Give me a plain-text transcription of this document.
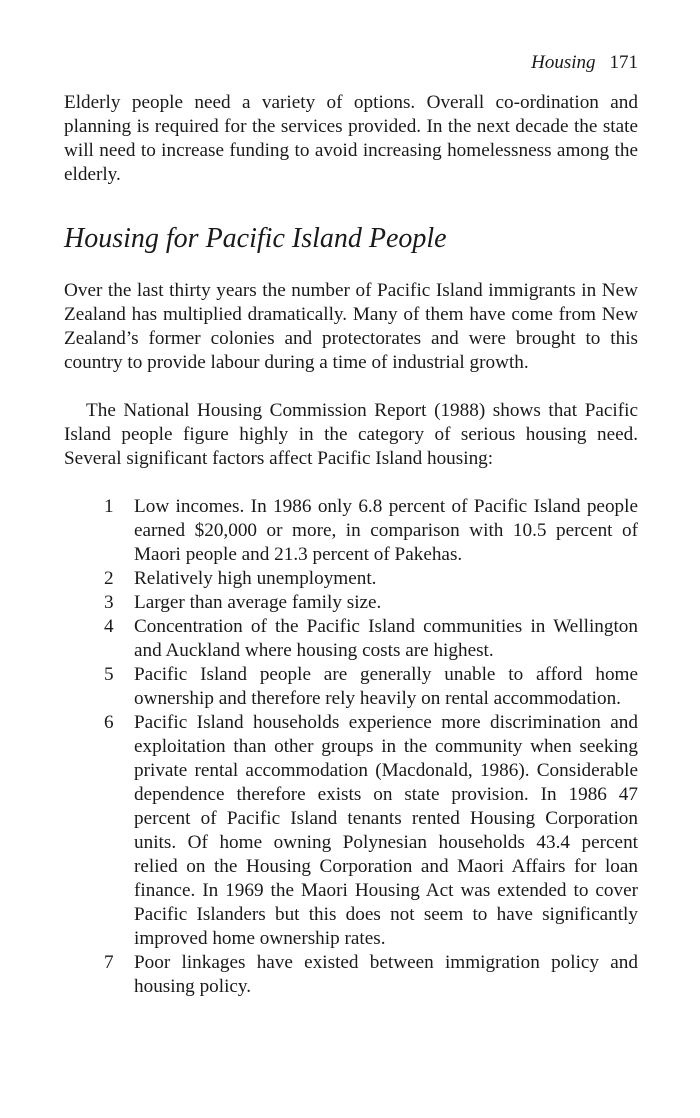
Housing 171

Elderly people need a variety of options. Overall co-ordination and planning is required for the services provided. In the next decade the state will need to increase funding to avoid increasing homelessness among the elderly.

Housing for Pacific Island People

Over the last thirty years the number of Pacific Island immigrants in New Zealand has multiplied dramatically. Many of them have come from New Zealand’s former colonies and protectorates and were brought to this country to provide labour during a time of industrial growth.

The National Housing Commission Report (1988) shows that Pacific Island people figure highly in the category of serious housing need. Several significant factors affect Pacific Island housing:

1 Low incomes. In 1986 only 6.8 percent of Pacific Island people earned $20,000 or more, in comparison with 10.5 percent of Maori people and 21.3 percent of Pakehas.
2 Relatively high unemployment.
3 Larger than average family size.
4 Concentration of the Pacific Island communities in Wellington and Auckland where housing costs are highest.
5 Pacific Island people are generally unable to afford home ownership and therefore rely heavily on rental accommodation.
6 Pacific Island households experience more discrimination and exploitation than other groups in the community when seeking private rental accommodation (Macdonald, 1986). Considerable dependence therefore exists on state provision. In 1986 47 percent of Pacific Island tenants rented Housing Corporation units. Of home owning Polynesian households 43.4 percent relied on the Housing Corporation and Maori Affairs for loan finance. In 1969 the Maori Housing Act was extended to cover Pacific Islanders but this does not seem to have significantly improved home ownership rates.
7 Poor linkages have existed between immigration policy and housing policy.
